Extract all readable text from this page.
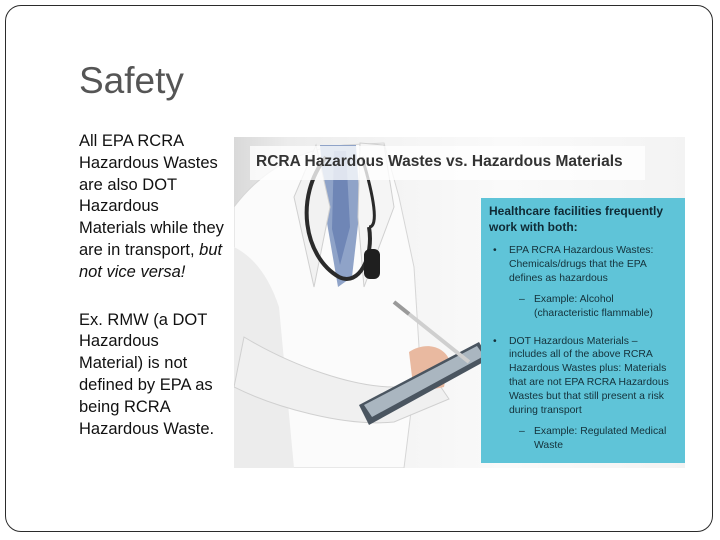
Safety

All EPA RCRA Hazardous Wastes are also DOT Hazardous Materials while they are in transport, but not vice versa!

Ex. RMW (a DOT Hazardous Material) is not defined by EPA as being RCRA Hazardous Waste.

RCRA Hazardous Wastes vs. Hazardous Materials
Healthcare facilities frequently work with both:
• EPA RCRA Hazardous Wastes: Chemicals/drugs that the EPA defines as hazardous
– Example: Alcohol (characteristic flammable)
• DOT Hazardous Materials – includes all of the above RCRA Hazardous Wastes plus: Materials that are not EPA RCRA Hazardous Wastes but that still present a risk during transport
– Example: Regulated Medical Waste
